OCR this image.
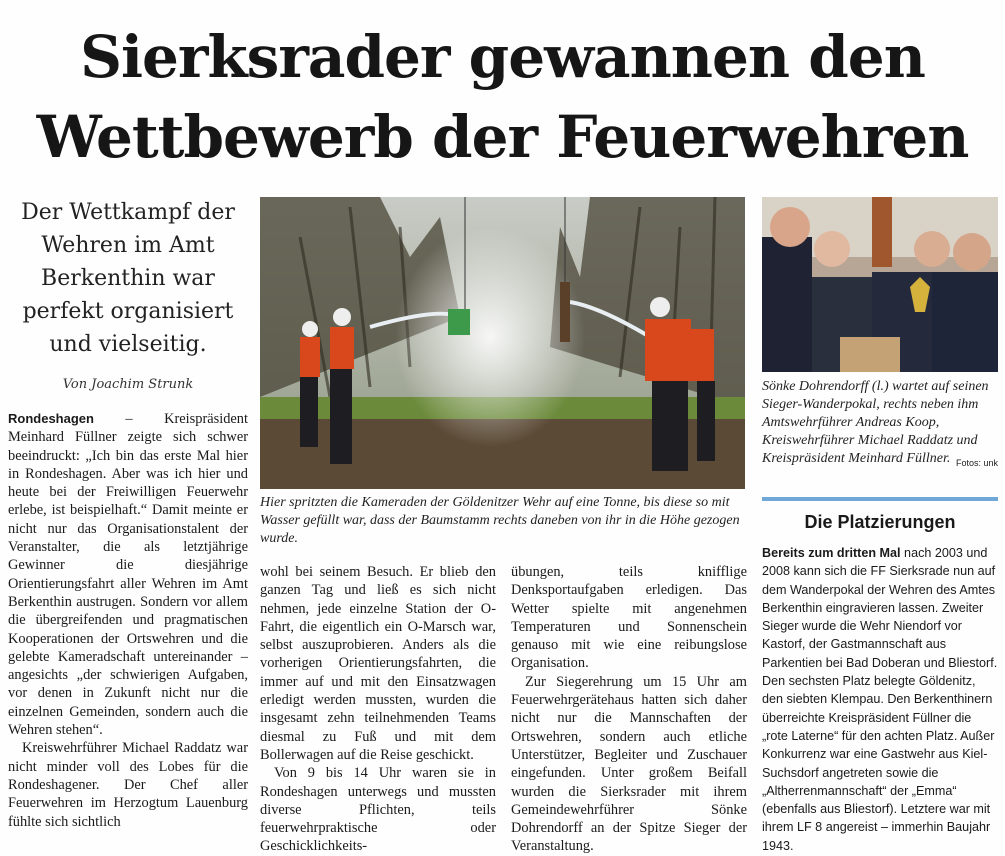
Sierksrader gewannen den
Wettbewerb der Feuerwehren
Der Wettkampf der Wehren im Amt Berkenthin war perfekt organisiert und vielseitig.
Von Joachim Strunk

Rondeshagen – Kreispräsident Meinhard Füllner zeigte sich schwer beeindruckt: „Ich bin das erste Mal hier in Rondeshagen. Aber was ich hier und heute bei der Freiwilligen Feuerwehr erlebe, ist beispielhaft.“ Damit meinte er nicht nur das Organisationstalent der Veranstalter, die als letztjährige Gewinner die diesjährige Orientierungsfahrt aller Wehren im Amt Berkenthin austrugen. Sondern vor allem die übergreifenden und pragmatischen Kooperationen der Ortswehren und die gelebte Kameradschaft untereinander – angesichts „der schwierigen Aufgaben, vor denen in Zukunft nicht nur die einzelnen Gemeinden, sondern auch die Wehren stehen“.

Kreiswehrführer Michael Raddatz war nicht minder voll des Lobes für die Rondeshagener. Der Chef aller Feuerwehren im Herzogtum Lauenburg fühlte sich sichtlich

Hier spritzten die Kameraden der Göldenitzer Wehr auf eine Tonne, bis diese so mit Wasser gefüllt war, dass der Baumstamm rechts daneben von ihr in die Höhe gezogen wurde.
Sönke Dohrendorff (l.) wartet auf seinen Sieger-Wanderpokal, rechts neben ihm Amtswehrführer Andreas Koop, Kreiswehrführer Michael Raddatz und Kreispräsident Meinhard Füllner. Fotos: unk

wohl bei seinem Besuch. Er blieb den ganzen Tag und ließ es sich nicht nehmen, jede einzelne Station der O-Fahrt, die eigentlich ein O-Marsch war, selbst auszuprobieren. Anders als die vorherigen Orientierungsfahrten, die immer auf und mit den Einsatzwagen erledigt werden mussten, wurden die insgesamt zehn teilnehmenden Teams diesmal zu Fuß und mit dem Bollerwagen auf die Reise geschickt.

Von 9 bis 14 Uhr waren sie in Rondeshagen unterwegs und mussten diverse Pflichten, teils feuerwehrpraktische oder Geschicklichkeits-

übungen, teils knifflige Denksportaufgaben erledigen. Das Wetter spielte mit angenehmen Temperaturen und Sonnenschein genauso mit wie eine reibungslose Organisation.

Zur Siegerehrung um 15 Uhr am Feuerwehrgerätehaus hatten sich daher nicht nur die Mannschaften der Ortswehren, sondern auch etliche Unterstützer, Begleiter und Zuschauer eingefunden. Unter großem Beifall wurden die Sierksrader mit ihrem Gemeindewehrführer Sönke Dohrendorff an der Spitze Sieger der Veranstaltung.

Die Platzierungen
Bereits zum dritten Mal nach 2003 und 2008 kann sich die FF Sierksrade nun auf dem Wanderpokal der Wehren des Amtes Berkenthin eingravieren lassen. Zweiter Sieger wurde die Wehr Niendorf vor Kastorf, der Gastmannschaft aus Parkentien bei Bad Doberan und Bliestorf. Den sechsten Platz belegte Göldenitz, den siebten Klempau. Den Berkenthinern überreichte Kreispräsident Füllner die „rote Laterne“ für den achten Platz. Außer Konkurrenz war eine Gastwehr aus Kiel-Suchsdorf angetreten sowie die „Altherrenmannschaft“ der „Emma“ (ebenfalls aus Bliestorf). Letztere war mit ihrem LF 8 angereist – immerhin Baujahr 1943.
